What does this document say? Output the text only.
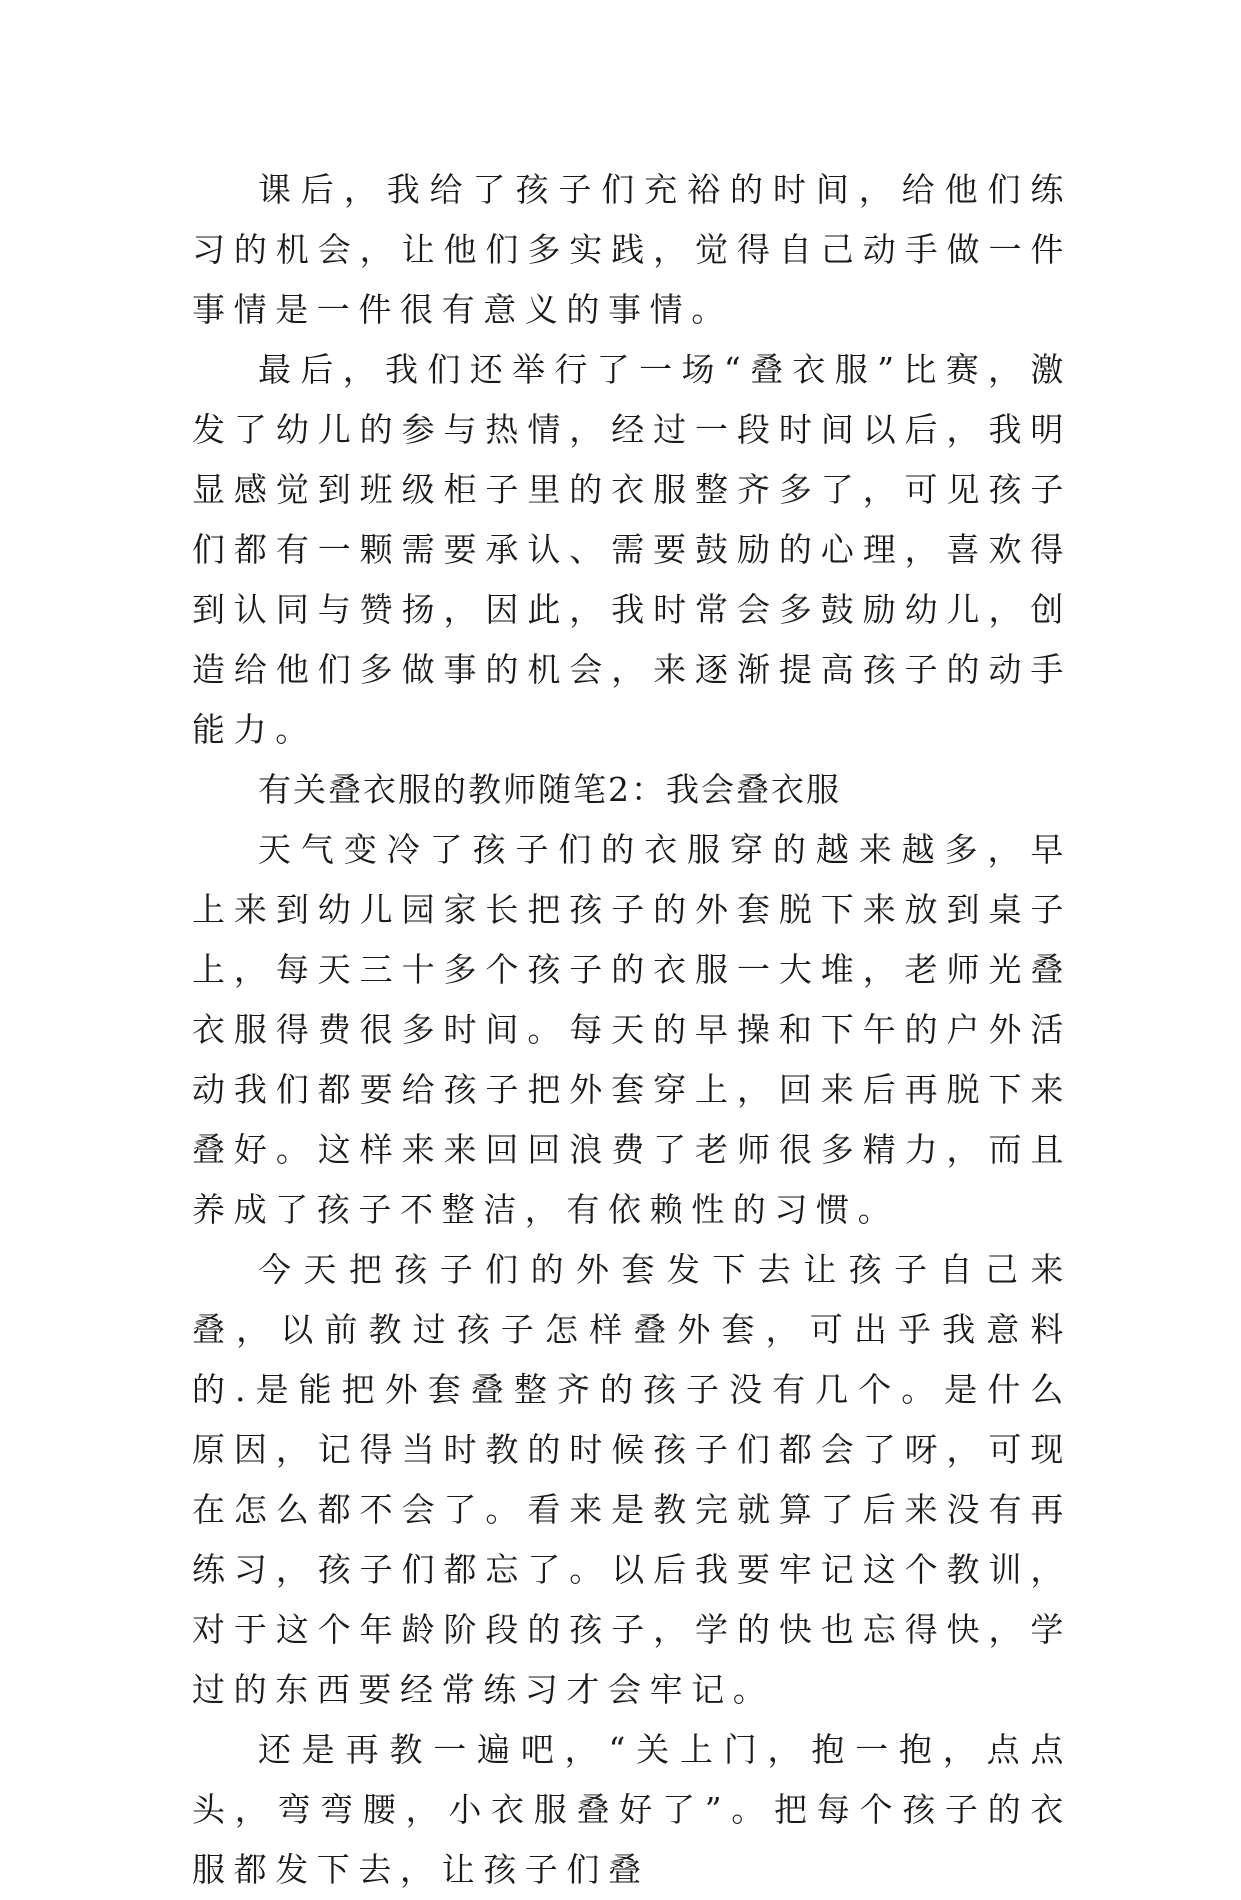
课后，我给了孩子们充裕的时间，给他们练习的机会，让他们多实践，觉得自己动手做一件事情是一件很有意义的事情。

最后，我们还举行了一场“叠衣服”比赛，激发了幼儿的参与热情，经过一段时间以后，我明显感觉到班级柜子里的衣服整齐多了，可见孩子们都有一颗需要承认、需要鼓励的心理，喜欢得到认同与赞扬，因此，我时常会多鼓励幼儿，创造给他们多做事的机会，来逐渐提高孩子的动手能力。

有关叠衣服的教师随笔2：我会叠衣服

天气变冷了孩子们的衣服穿的越来越多，早上来到幼儿园家长把孩子的外套脱下来放到桌子上，每天三十多个孩子的衣服一大堆，老师光叠衣服得费很多时间。每天的早操和下午的户外活动我们都要给孩子把外套穿上，回来后再脱下来叠好。这样来来回回浪费了老师很多精力，而且养成了孩子不整洁，有依赖性的习惯。

今天把孩子们的外套发下去让孩子自己来叠，以前教过孩子怎样叠外套，可出乎我意料的.是能把外套叠整齐的孩子没有几个。是什么原因，记得当时教的时候孩子们都会了呀，可现在怎么都不会了。看来是教完就算了后来没有再练习，孩子们都忘了。以后我要牢记这个教训，对于这个年龄阶段的孩子，学的快也忘得快，学过的东西要经常练习才会牢记。

还是再教一遍吧，“关上门，抱一抱，点点头，弯弯腰，小衣服叠好了”。把每个孩子的衣服都发下去，让孩子们叠
